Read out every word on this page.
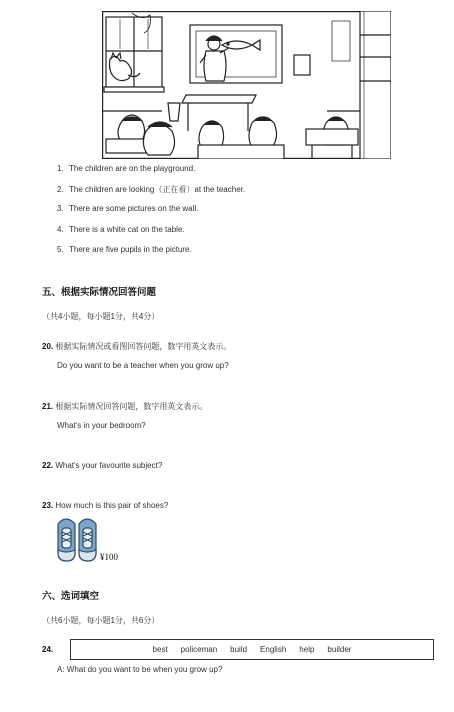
1. The children are on the playground.
2. The children are looking（正在看）at the teacher.
3. There are some pictures on the wall.
4. There is a white cat on the table.
5. There are five pupils in the picture.
五、根据实际情况回答问题
（共4小题，每小题1分，共4分）
20. 根据实际情况或看图回答问题，数字用英文表示。
Do you want to be a teacher when you grow up?
21. 根据实际情况回答问题，数字用英文表示。
What's in your bedroom?
22. What's your favourite subject?
23. How much is this pair of shoes?
¥100
六、选词填空
（共6小题，每小题1分，共6分）
24.	best policeman build English help builder
A: What do you want to be when you grow up?
